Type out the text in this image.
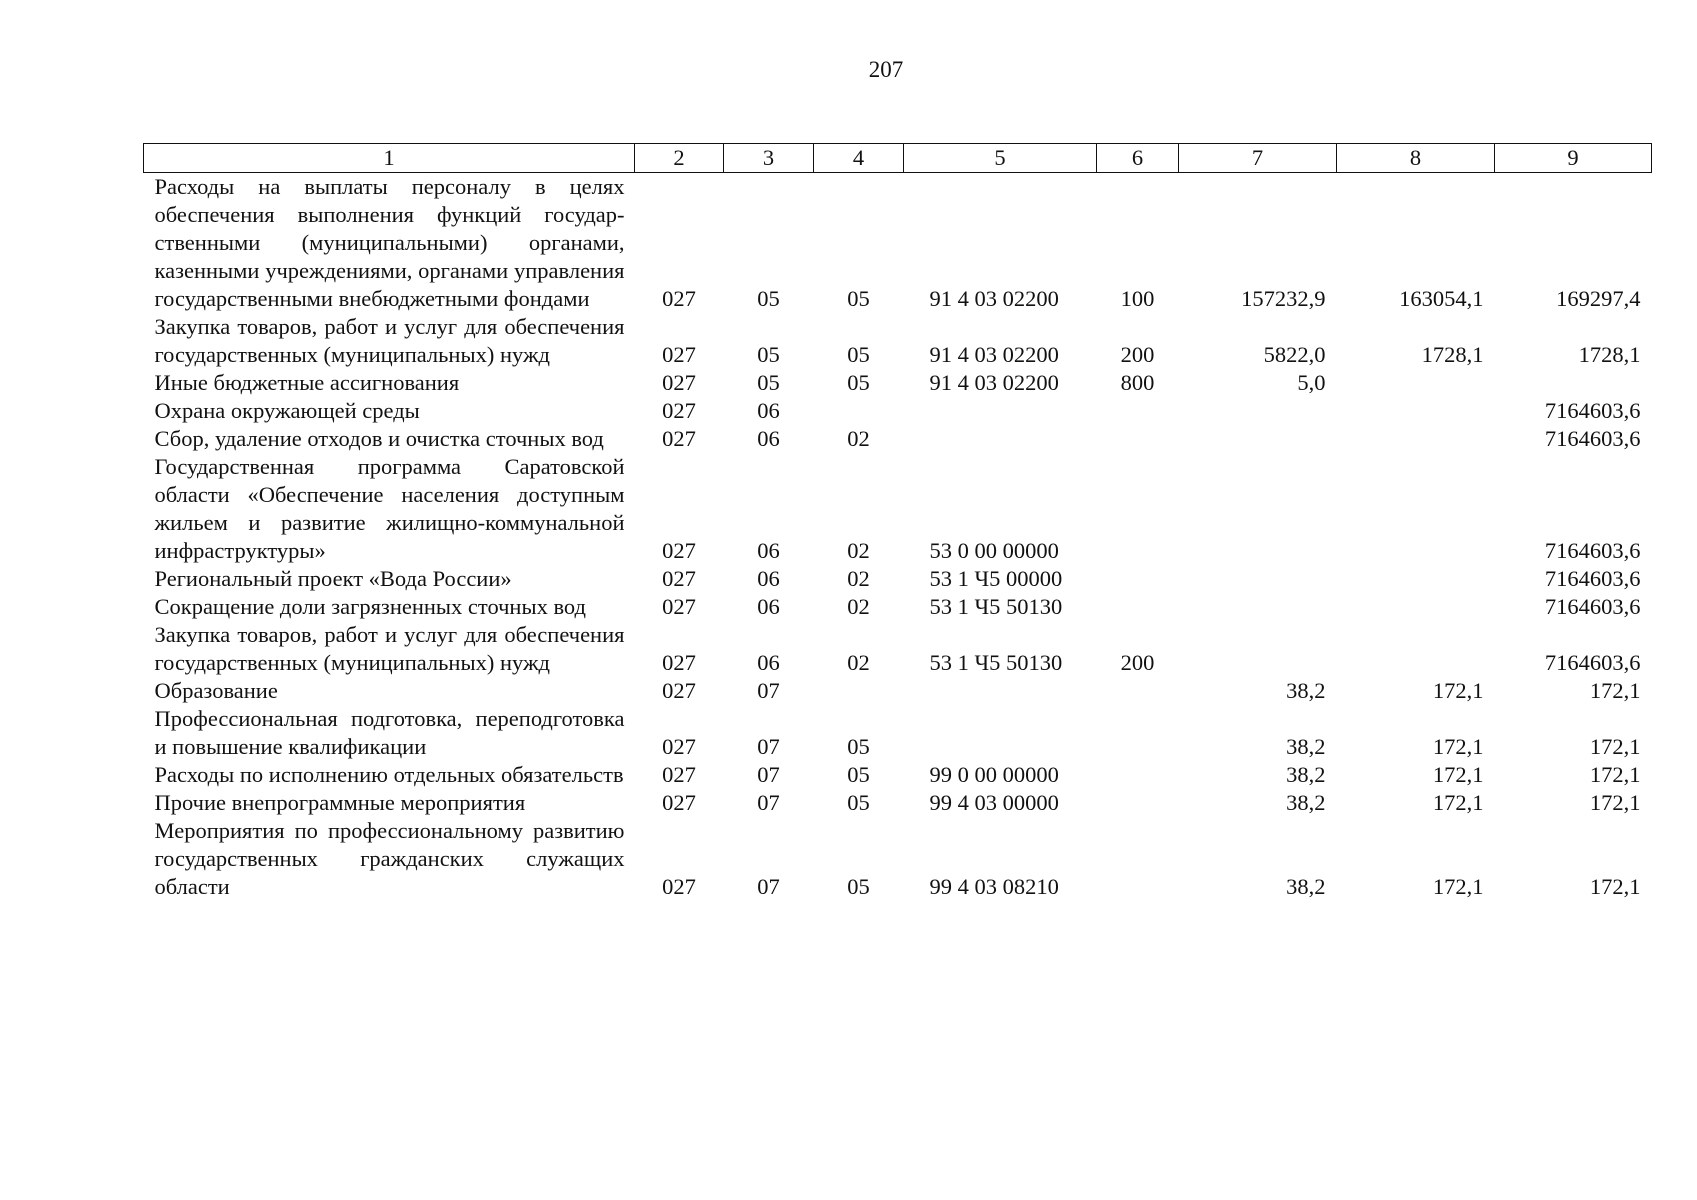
207
1	2	3	4	5	6	7	8	9
Расходы на выплаты персоналу в целях обеспечения выполнения функций государственными (муниципальными) органами, казенными учреждениями, органами управления государственными внебюджетными фондами	027	05	05	91 4 03 02200	100	157232,9	163054,1	169297,4
Закупка товаров, работ и услуг для обеспечения государственных (муниципальных) нужд	027	05	05	91 4 03 02200	200	5822,0	1728,1	1728,1
Иные бюджетные ассигнования	027	05	05	91 4 03 02200	800	5,0		
Охрана окружающей среды	027	06						7164603,6
Сбор, удаление отходов и очистка сточных вод	027	06	02					7164603,6
Государственная программа Саратовской области «Обеспечение населения доступным жильем и развитие жилищно-коммунальной инфраструктуры»	027	06	02	53 0 00 00000				7164603,6
Региональный проект «Вода России»	027	06	02	53 1 Ч5 00000				7164603,6
Сокращение доли загрязненных сточных вод	027	06	02	53 1 Ч5 50130				7164603,6
Закупка товаров, работ и услуг для обеспечения государственных (муниципальных) нужд	027	06	02	53 1 Ч5 50130	200			7164603,6
Образование	027	07				38,2	172,1	172,1
Профессиональная подготовка, переподготовка и повышение квалификации	027	07	05			38,2	172,1	172,1
Расходы по исполнению отдельных обязательств	027	07	05	99 0 00 00000		38,2	172,1	172,1
Прочие внепрограммные мероприятия	027	07	05	99 4 03 00000		38,2	172,1	172,1
Мероприятия по профессиональному развитию государственных гражданских служащих области	027	07	05	99 4 03 08210		38,2	172,1	172,1
